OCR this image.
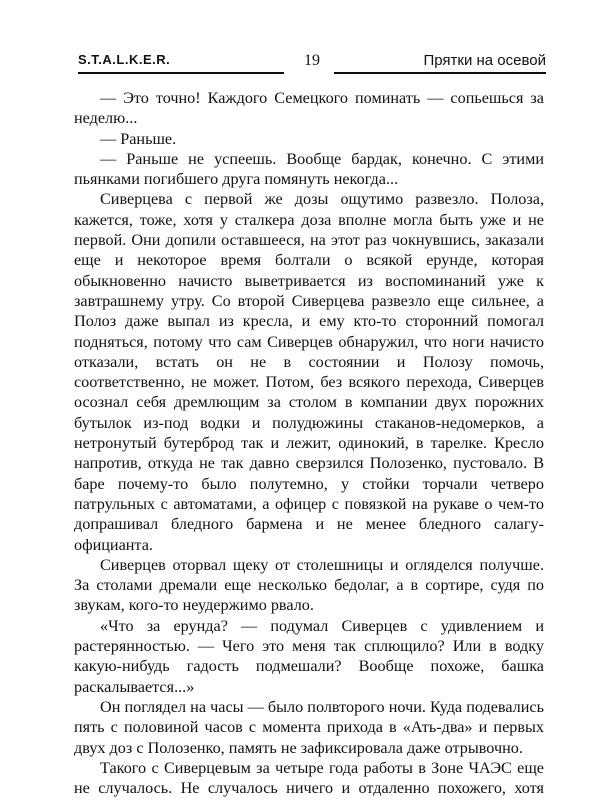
S.T.A.L.K.E.R.	19	Прятки на осевой

— Это точно! Каждого Семецкого поминать — сопьешься за неделю...

— Раньше.

— Раньше не успеешь. Вообще бардак, конечно. С этими пьянками погибшего друга помянуть некогда...

Сиверцева с первой же дозы ощутимо развезло. Полоза, кажется, тоже, хотя у сталкера доза вполне могла быть уже и не первой. Они допили оставшееся, на этот раз чокнувшись, заказали еще и некоторое время болтали о всякой ерунде, которая обыкновенно начисто выветривается из воспоминаний уже к завтрашнему утру. Со второй Сиверцева развезло еще сильнее, а Полоз даже выпал из кресла, и ему кто-то сторонний помогал подняться, потому что сам Сиверцев обнаружил, что ноги начисто отказали, встать он не в состоянии и Полозу помочь, соответственно, не может. Потом, без всякого перехода, Сиверцев осознал себя дремлющим за столом в компании двух порожних бутылок из-под водки и полудюжины стаканов-недомерков, а нетронутый бутерброд так и лежит, одинокий, в тарелке. Кресло напротив, откуда не так давно сверзился Полозенко, пустовало. В баре почему-то было полутемно, у стойки торчали четверо патрульных с автоматами, а офицер с повязкой на рукаве о чем-то допрашивал бледного бармена и не менее бледного салагу-официанта.

Сиверцев оторвал щеку от столешницы и огляделся получше. За столами дремали еще несколько бедолаг, а в сортире, судя по звукам, кого-то неудержимо рвало.

«Что за ерунда? — подумал Сиверцев с удивлением и растерянностью. — Чего это меня так сплющило? Или в водку какую-нибудь гадость подмешали? Вообще похоже, башка раскалывается...»

Он поглядел на часы — было полвторого ночи. Куда подевались пять с половиной часов с момента прихода в «Ать-два» и первых двух доз с Полозенко, память не зафиксировала даже отрывочно.

Такого с Сиверцевым за четыре года работы в Зоне ЧАЭС еще не случалось. Не случалось ничего и отдаленно похожего, хотя
